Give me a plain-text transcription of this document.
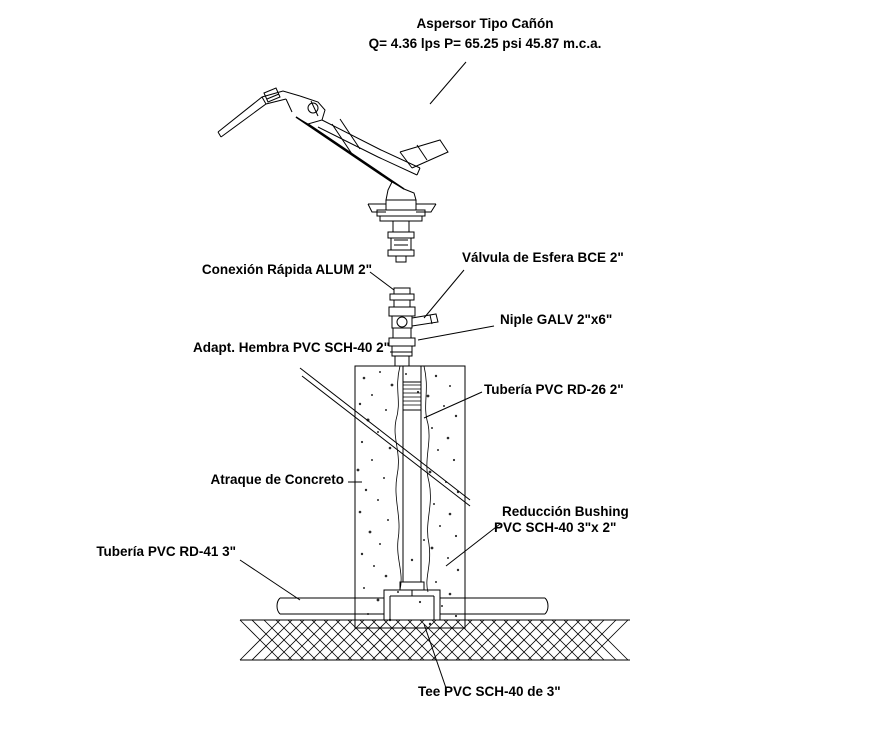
Aspersor Tipo Cañón
Q= 4.36 lps P= 65.25 psi 45.87 m.c.a.
Conexión Rápida ALUM 2"
Válvula de Esfera BCE 2"
Niple GALV 2"x6"
Adapt. Hembra PVC SCH-40 2"
Tubería PVC RD-26 2"
Atraque de Concreto
Reducción Bushing
PVC SCH-40 3"x 2"
Tubería PVC RD-41 3"
Tee PVC SCH-40 de 3"
